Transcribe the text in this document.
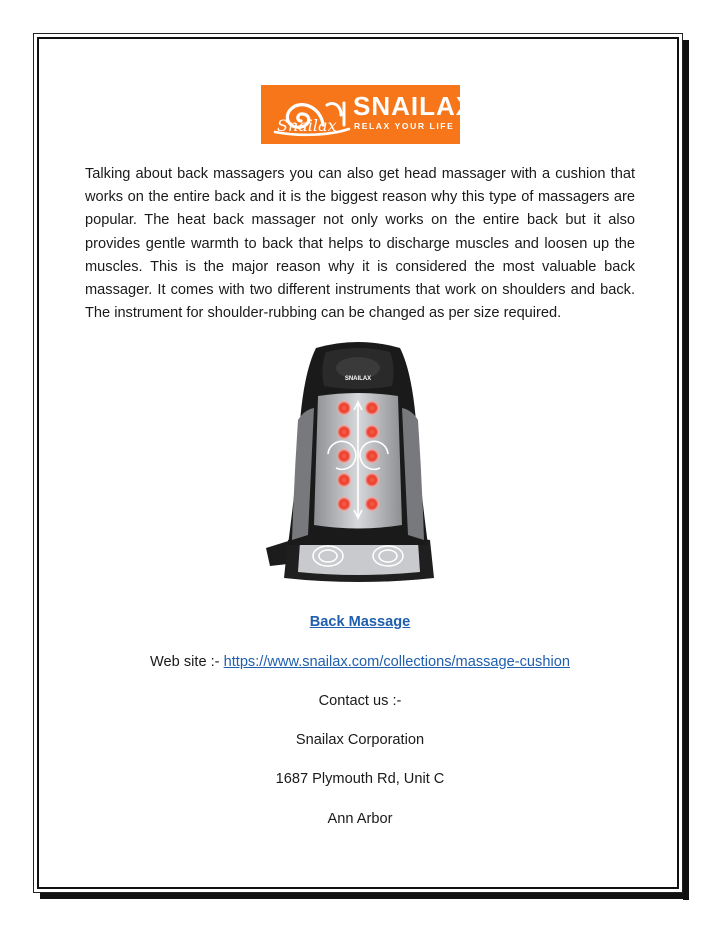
Snailax
SNAILAX
RELAX YOUR LIFE

Talking about back massagers you can also get head massager with a cushion that works on the entire back and it is the biggest reason why this type of massagers are popular. The heat back massager not only works on the entire back but it also provides gentle warmth to back that helps to discharge muscles and loosen up the muscles. This is the major reason why it is considered the most valuable back massager. It comes with two different instruments that work on shoulders and back. The instrument for shoulder-rubbing can be changed as per size required.

SNAILAX
Back Massage
Web site :- https://www.snailax.com/collections/massage-cushion
Contact us :-
Snailax Corporation
1687 Plymouth Rd, Unit C
Ann Arbor
